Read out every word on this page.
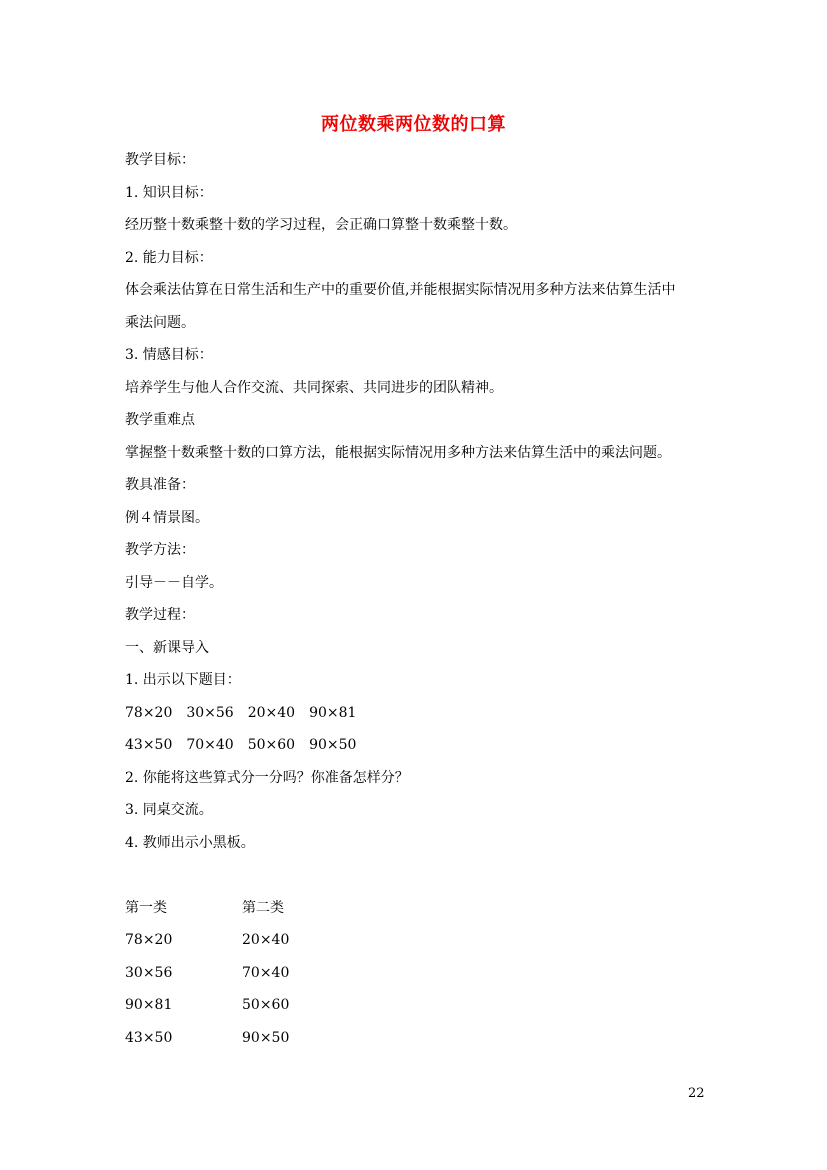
两位数乘两位数的口算
教学目标：
1. 知识目标：
经历整十数乘整十数的学习过程，会正确口算整十数乘整十数。
2. 能力目标：
体会乘法估算在日常生活和生产中的重要价值,并能根据实际情况用多种方法来估算生活中
乘法问题。
3. 情感目标：
培养学生与他人合作交流、共同探索、共同进步的团队精神。
教学重难点
掌握整十数乘整十数的口算方法，能根据实际情况用多种方法来估算生活中的乘法问题。
教具准备：
例４情景图。
教学方法：
引导－－自学。
教学过程：
一、新课导入
1. 出示以下题目：
78×20　30×56　20×40　90×81
43×50　70×40　50×60　90×50
2. 你能将这些算式分一分吗？你准备怎样分？
3. 同桌交流。
4. 教师出示小黑板。
第一类	第二类
78×20	20×40
30×56	70×40
90×81	50×60
43×50	90×50
22
